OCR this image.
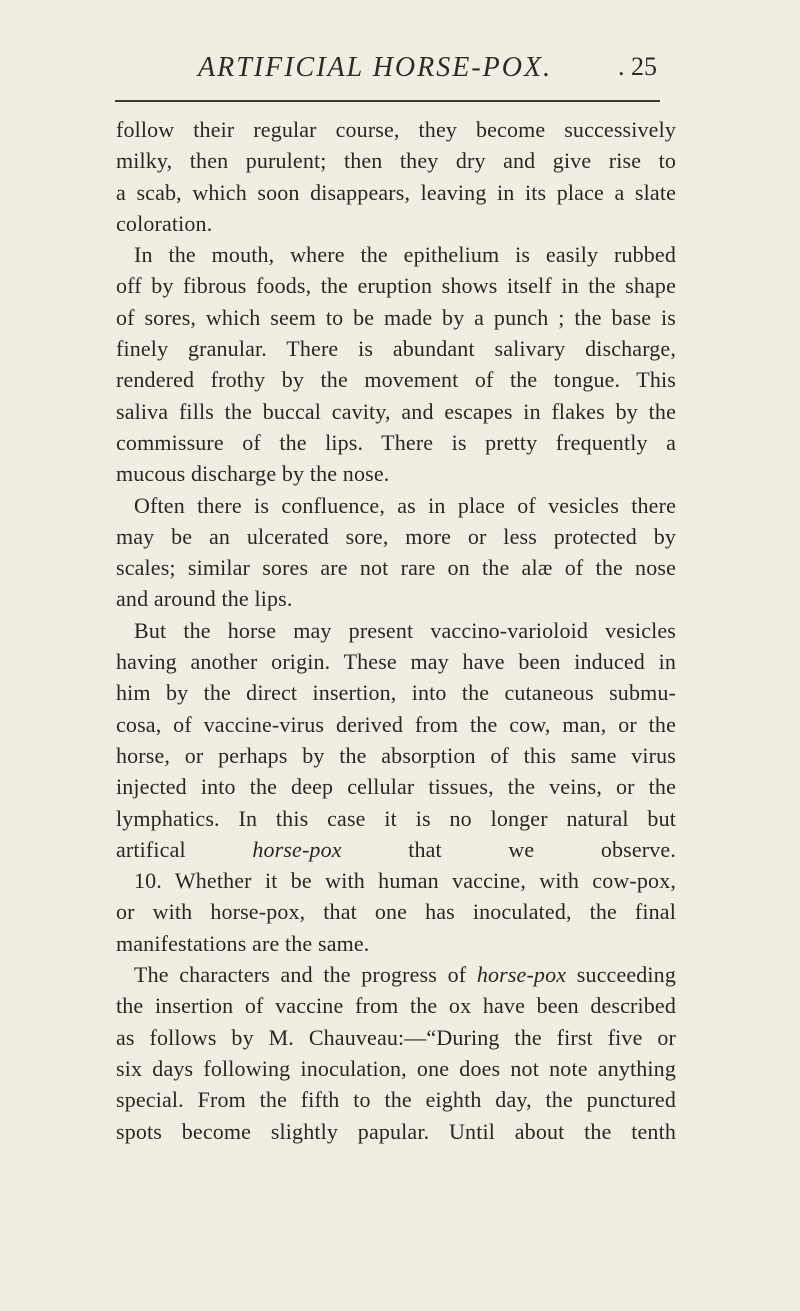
ARTIFICIAL HORSE-POX.	. 25
follow their regular course, they become successively
milky, then purulent; then they dry and give rise to
a scab, which soon disappears, leaving in its place a slate
coloration.
In the mouth, where the epithelium is easily rubbed
off by fibrous foods, the eruption shows itself in the shape
of sores, which seem to be made by a punch ; the base is
finely granular. There is abundant salivary discharge,
rendered frothy by the movement of the tongue. This
saliva fills the buccal cavity, and escapes in flakes by the
commissure of the lips. There is pretty frequently a
mucous discharge by the nose.
Often there is confluence, as in place of vesicles there
may be an ulcerated sore, more or less protected by
scales; similar sores are not rare on the alæ of the nose
and around the lips.
But the horse may present vaccino-varioloid vesicles
having another origin. These may have been induced in
him by the direct insertion, into the cutaneous submu-
cosa, of vaccine-virus derived from the cow, man, or the
horse, or perhaps by the absorption of this same virus
injected into the deep cellular tissues, the veins, or the
lymphatics. In this case it is no longer natural but
artifical horse-pox that we observe.
10. Whether it be with human vaccine, with cow-pox,
or with horse-pox, that one has inoculated, the final
manifestations are the same.
The characters and the progress of horse-pox succeeding
the insertion of vaccine from the ox have been described
as follows by M. Chauveau:—“During the first five or
six days following inoculation, one does not note anything
special. From the fifth to the eighth day, the punctured
spots become slightly papular. Until about the tenth
